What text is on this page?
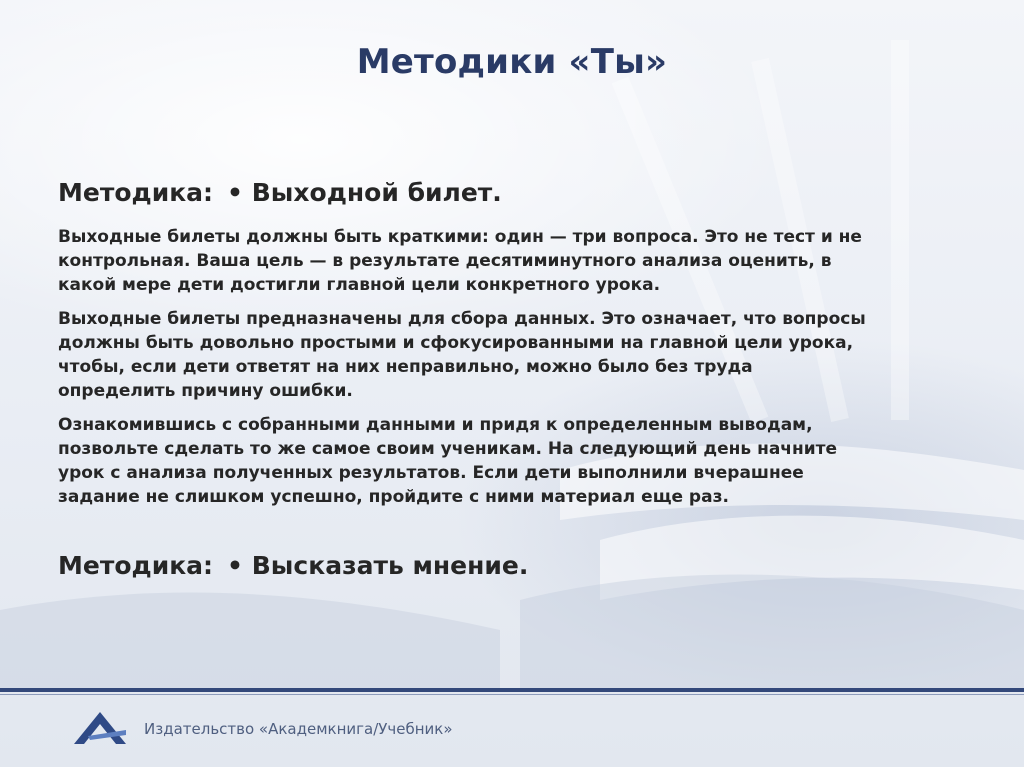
Методики «Ты»
Методика: • Выходной билет.
Выходные билеты должны быть краткими: один — три вопроса. Это не тест и не
контрольная. Ваша цель — в результате десятиминутного анализа оценить, в
какой мере дети достигли главной цели конкретного урока.
Выходные билеты предназначены для сбора данных. Это означает, что вопросы
должны быть довольно простыми и сфокусированными на главной цели урока,
чтобы, если дети ответят на них неправильно, можно было без труда
определить причину ошибки.
Ознакомившись с собранными данными и придя к определенным выводам,
позвольте сделать то же самое своим ученикам. На следующий день начните
урок с анализа полученных результатов. Если дети выполнили вчерашнее
задание не слишком успешно, пройдите с ними материал еще раз.
Методика: • Высказать мнение.
Издательство «Академкнига/Учебник»
